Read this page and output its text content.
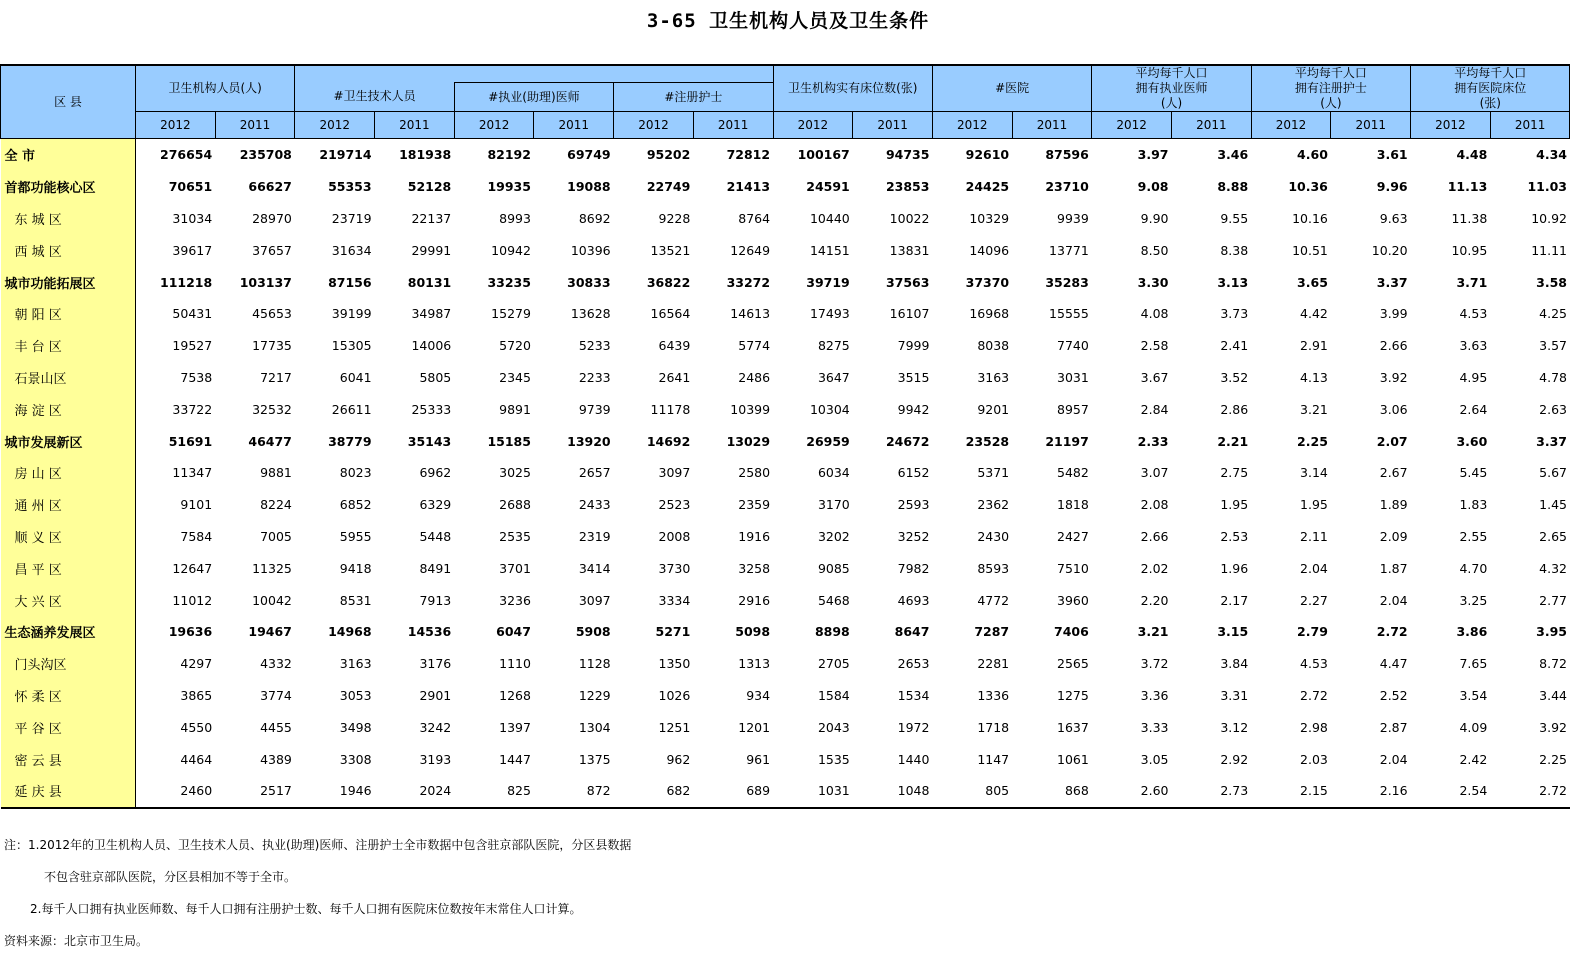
3-65 卫生机构人员及卫生条件
区 县	卫生机构人员(人)								卫生机构实有床位数(张)		#医院		平均每千人口
拥有执业医师
(人)		平均每千人口
拥有注册护士
(人)		平均每千人口
拥有医院床位
(张)	
			#卫生技术人员		#执业(助理)医师		#注册护士											
	2012	2011	2012	2011	2012	2011	2012	2011	2012	2011	2012	2011	2012	2011	2012	2011	2012	2011
全 市	276654	235708	219714	181938	82192	69749	95202	72812	100167	94735	92610	87596	3.97	3.46	4.60	3.61	4.48	4.34
首都功能核心区	70651	66627	55353	52128	19935	19088	22749	21413	24591	23853	24425	23710	9.08	8.88	10.36	9.96	11.13	11.03
东 城 区	31034	28970	23719	22137	8993	8692	9228	8764	10440	10022	10329	9939	9.90	9.55	10.16	9.63	11.38	10.92
西 城 区	39617	37657	31634	29991	10942	10396	13521	12649	14151	13831	14096	13771	8.50	8.38	10.51	10.20	10.95	11.11
城市功能拓展区	111218	103137	87156	80131	33235	30833	36822	33272	39719	37563	37370	35283	3.30	3.13	3.65	3.37	3.71	3.58
朝 阳 区	50431	45653	39199	34987	15279	13628	16564	14613	17493	16107	16968	15555	4.08	3.73	4.42	3.99	4.53	4.25
丰 台 区	19527	17735	15305	14006	5720	5233	6439	5774	8275	7999	8038	7740	2.58	2.41	2.91	2.66	3.63	3.57
石景山区	7538	7217	6041	5805	2345	2233	2641	2486	3647	3515	3163	3031	3.67	3.52	4.13	3.92	4.95	4.78
海 淀 区	33722	32532	26611	25333	9891	9739	11178	10399	10304	9942	9201	8957	2.84	2.86	3.21	3.06	2.64	2.63
城市发展新区	51691	46477	38779	35143	15185	13920	14692	13029	26959	24672	23528	21197	2.33	2.21	2.25	2.07	3.60	3.37
房 山 区	11347	9881	8023	6962	3025	2657	3097	2580	6034	6152	5371	5482	3.07	2.75	3.14	2.67	5.45	5.67
通 州 区	9101	8224	6852	6329	2688	2433	2523	2359	3170	2593	2362	1818	2.08	1.95	1.95	1.89	1.83	1.45
顺 义 区	7584	7005	5955	5448	2535	2319	2008	1916	3202	3252	2430	2427	2.66	2.53	2.11	2.09	2.55	2.65
昌 平 区	12647	11325	9418	8491	3701	3414	3730	3258	9085	7982	8593	7510	2.02	1.96	2.04	1.87	4.70	4.32
大 兴 区	11012	10042	8531	7913	3236	3097	3334	2916	5468	4693	4772	3960	2.20	2.17	2.27	2.04	3.25	2.77
生态涵养发展区	19636	19467	14968	14536	6047	5908	5271	5098	8898	8647	7287	7406	3.21	3.15	2.79	2.72	3.86	3.95
门头沟区	4297	4332	3163	3176	1110	1128	1350	1313	2705	2653	2281	2565	3.72	3.84	4.53	4.47	7.65	8.72
怀 柔 区	3865	3774	3053	2901	1268	1229	1026	934	1584	1534	1336	1275	3.36	3.31	2.72	2.52	3.54	3.44
平 谷 区	4550	4455	3498	3242	1397	1304	1251	1201	2043	1972	1718	1637	3.33	3.12	2.98	2.87	4.09	3.92
密 云 县	4464	4389	3308	3193	1447	1375	962	961	1535	1440	1147	1061	3.05	2.92	2.03	2.04	2.42	2.25
延 庆 县	2460	2517	1946	2024	825	872	682	689	1031	1048	805	868	2.60	2.73	2.15	2.16	2.54	2.72
注：1.2012年的卫生机构人员、卫生技术人员、执业(助理)医师、注册护士全市数据中包含驻京部队医院，分区县数据
不包含驻京部队医院，分区县相加不等于全市。
2.每千人口拥有执业医师数、每千人口拥有注册护士数、每千人口拥有医院床位数按年末常住人口计算。
资料来源：北京市卫生局。
